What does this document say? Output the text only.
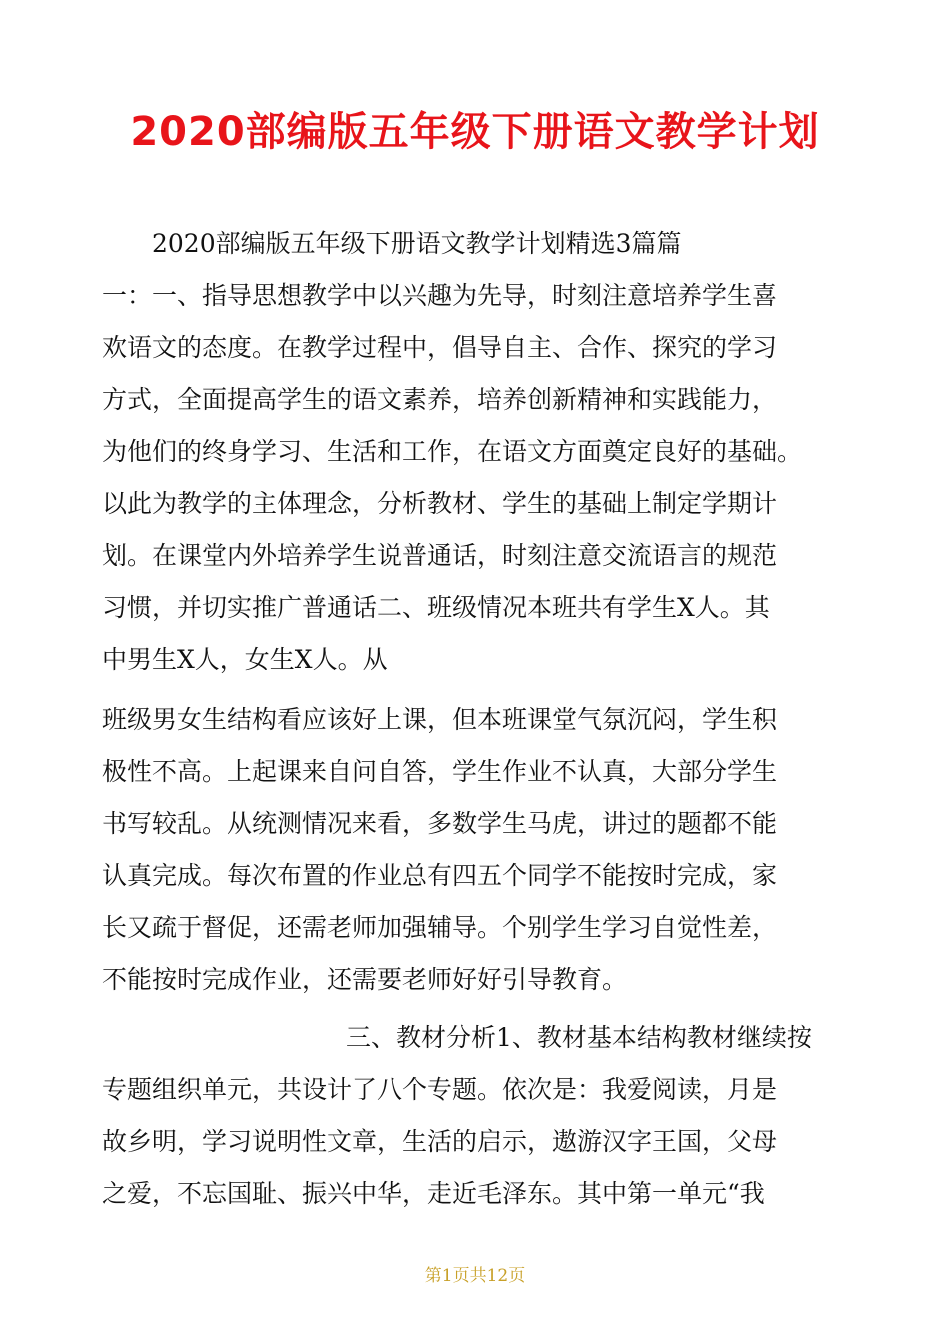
2020部编版五年级下册语文教学计划
2020部编版五年级下册语文教学计划精选3篇篇
一：一、指导思想教学中以兴趣为先导，时刻注意培养学生喜
欢语文的态度。在教学过程中，倡导自主、合作、探究的学习
方式，全面提高学生的语文素养，培养创新精神和实践能力，
为他们的终身学习、生活和工作，在语文方面奠定良好的基础。
以此为教学的主体理念，分析教材、学生的基础上制定学期计
划。在课堂内外培养学生说普通话，时刻注意交流语言的规范
习惯，并切实推广普通话二、班级情况本班共有学生X人。其
中男生X人，女生X人。从
班级男女生结构看应该好上课，但本班课堂气氛沉闷，学生积
极性不高。上起课来自问自答，学生作业不认真，大部分学生
书写较乱。从统测情况来看，多数学生马虎，讲过的题都不能
认真完成。每次布置的作业总有四五个同学不能按时完成，家
长又疏于督促，还需老师加强辅导。个别学生学习自觉性差，
不能按时完成作业，还需要老师好好引导教育。
三、教材分析1、教材基本结构教材继续按
专题组织单元，共设计了八个专题。依次是：我爱阅读，月是
故乡明，学习说明性文章，生活的启示，遨游汉字王国，父母
之爱，不忘国耻、振兴中华，走近毛泽东。其中第一单元“我
第1页共12页
